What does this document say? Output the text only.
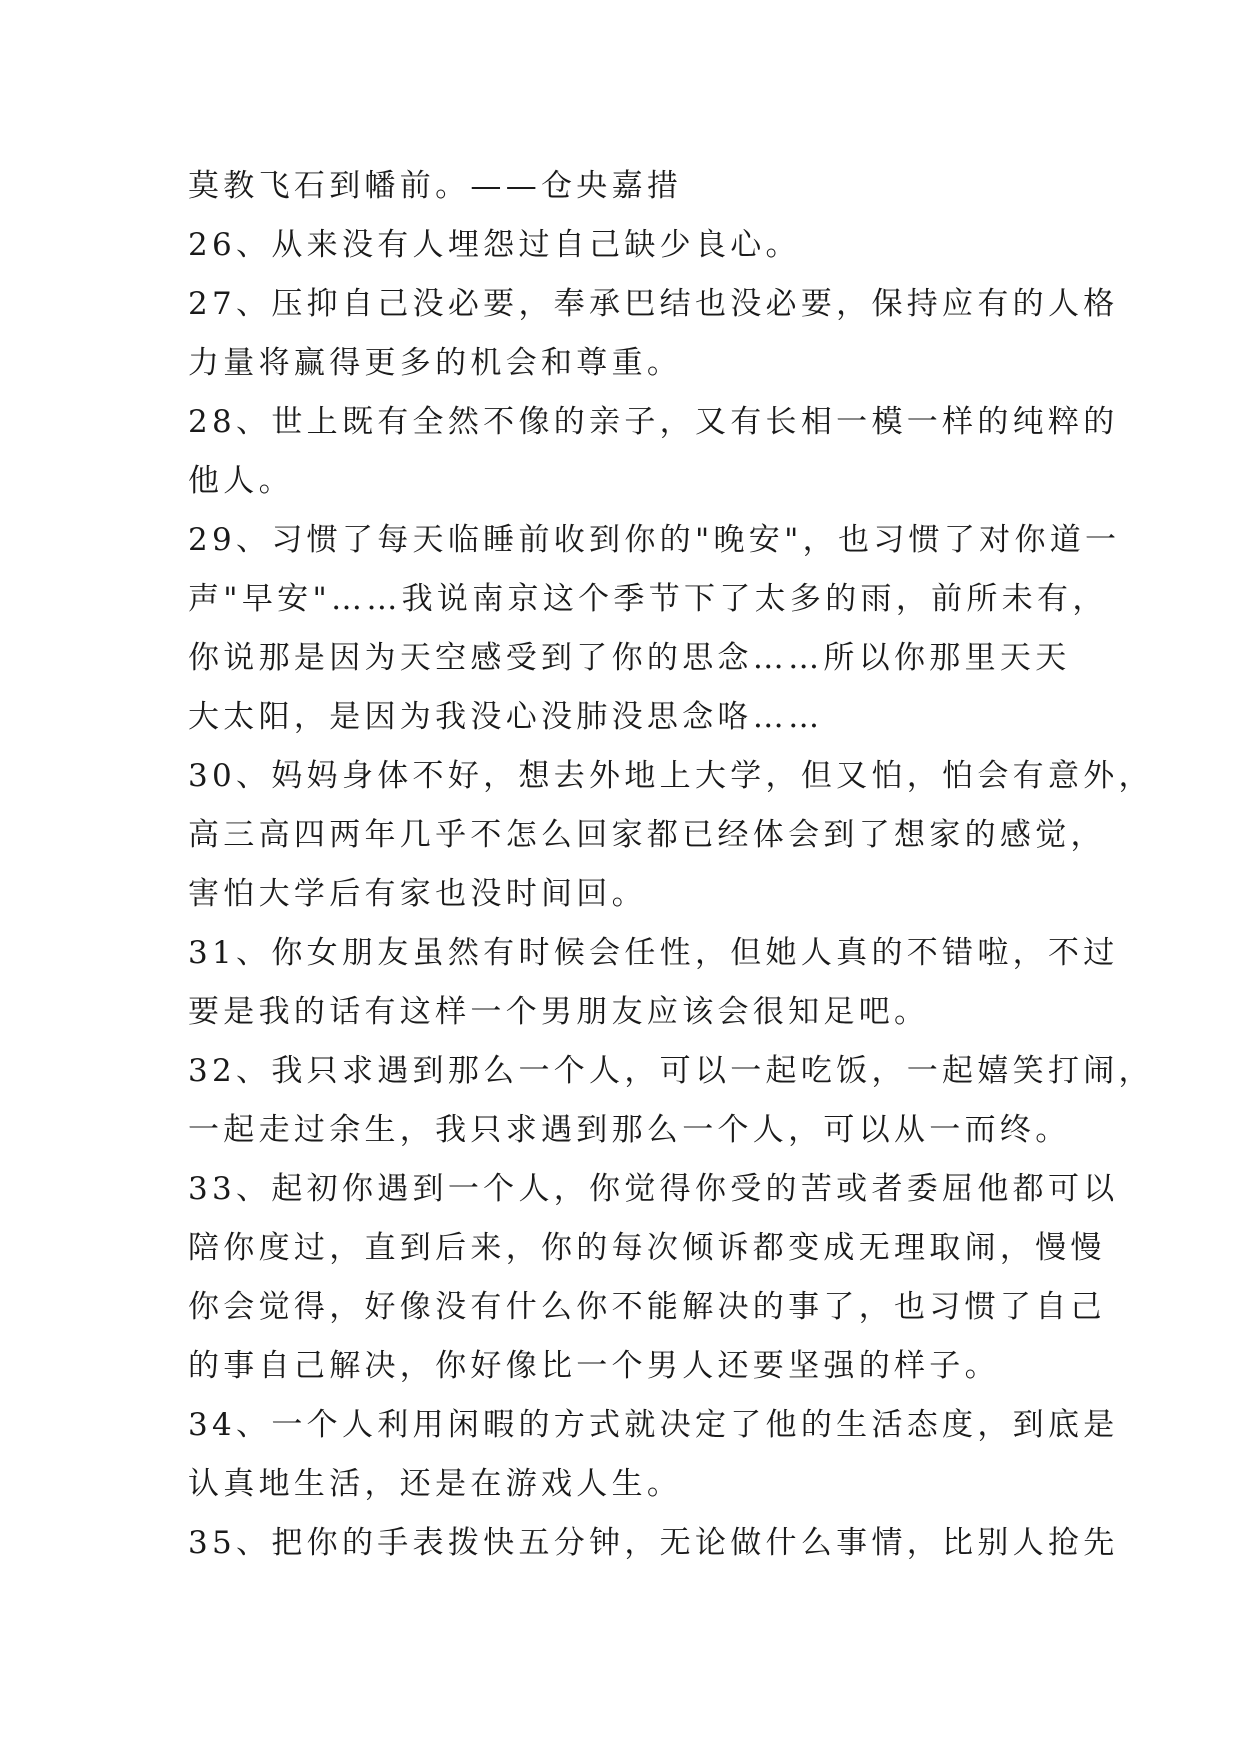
莫教飞石到幡前。——仓央嘉措
26、从来没有人埋怨过自己缺少良心。
27、压抑自己没必要，奉承巴结也没必要，保持应有的人格
力量将赢得更多的机会和尊重。
28、世上既有全然不像的亲子，又有长相一模一样的纯粹的
他人。
29、习惯了每天临睡前收到你的"晚安"，也习惯了对你道一
声"早安"……我说南京这个季节下了太多的雨，前所未有，
你说那是因为天空感受到了你的思念……所以你那里天天
大太阳，是因为我没心没肺没思念咯……
30、妈妈身体不好，想去外地上大学，但又怕，怕会有意外，
高三高四两年几乎不怎么回家都已经体会到了想家的感觉，
害怕大学后有家也没时间回。
31、你女朋友虽然有时候会任性，但她人真的不错啦，不过
要是我的话有这样一个男朋友应该会很知足吧。
32、我只求遇到那么一个人，可以一起吃饭，一起嬉笑打闹，
一起走过余生，我只求遇到那么一个人，可以从一而终。
33、起初你遇到一个人，你觉得你受的苦或者委屈他都可以
陪你度过，直到后来，你的每次倾诉都变成无理取闹，慢慢
你会觉得，好像没有什么你不能解决的事了，也习惯了自己
的事自己解决，你好像比一个男人还要坚强的样子。
34、一个人利用闲暇的方式就决定了他的生活态度，到底是
认真地生活，还是在游戏人生。
35、把你的手表拨快五分钟，无论做什么事情，比别人抢先
